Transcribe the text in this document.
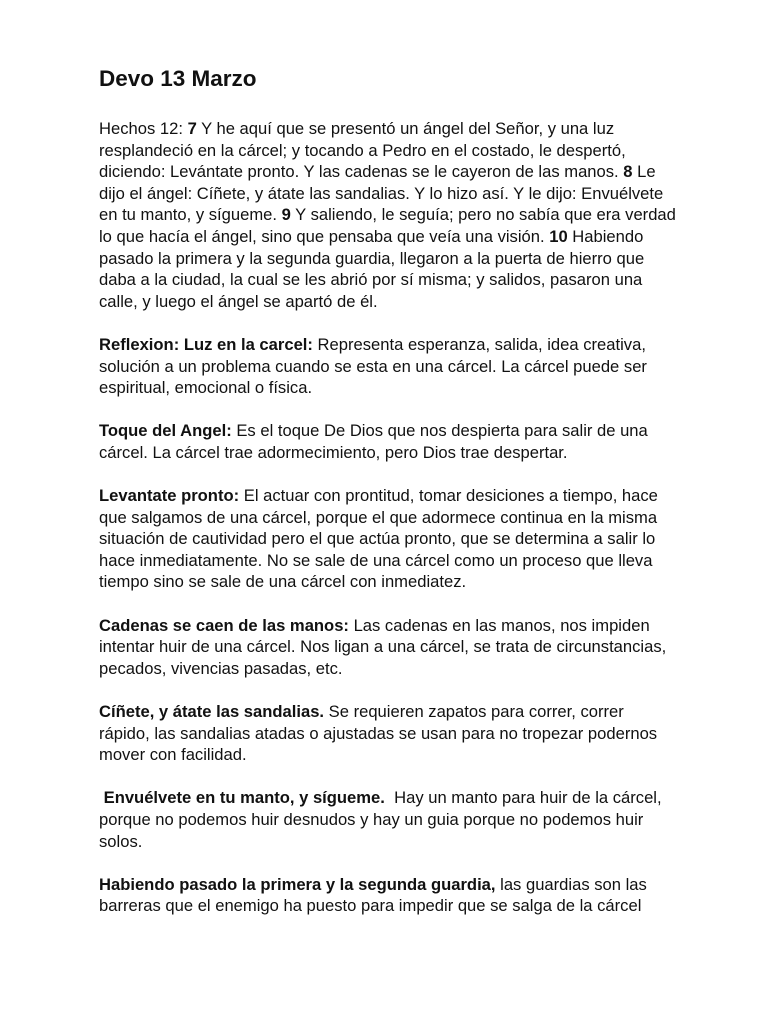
Devo 13 Marzo

Hechos 12: 7 Y he aquí que se presentó un ángel del Señor, y una luz resplandeció en la cárcel; y tocando a Pedro en el costado, le despertó, diciendo: Levántate pronto. Y las cadenas se le cayeron de las manos. 8 Le dijo el ángel: Cíñete, y átate las sandalias. Y lo hizo así. Y le dijo: Envuélvete en tu manto, y sígueme. 9 Y saliendo, le seguía; pero no sabía que era verdad lo que hacía el ángel, sino que pensaba que veía una visión. 10 Habiendo pasado la primera y la segunda guardia, llegaron a la puerta de hierro que daba a la ciudad, la cual se les abrió por sí misma; y salidos, pasaron una calle, y luego el ángel se apartó de él.

Reflexion: Luz en la carcel: Representa esperanza, salida, idea creativa, solución a un problema cuando se esta en una cárcel. La cárcel puede ser espiritual, emocional o física.

Toque del Angel: Es el toque De Dios que nos despierta para salir de una cárcel. La cárcel trae adormecimiento, pero Dios trae despertar.

Levantate pronto: El actuar con prontitud, tomar desiciones a tiempo, hace que salgamos de una cárcel, porque el que adormece continua en la misma situación de cautividad pero el que actúa pronto, que se determina a salir lo hace inmediatamente. No se sale de una cárcel como un proceso que lleva tiempo sino se sale de una cárcel con inmediatez.

Cadenas se caen de las manos: Las cadenas en las manos, nos impiden intentar huir de una cárcel. Nos ligan a una cárcel, se trata de circunstancias, pecados, vivencias pasadas, etc.

Cíñete, y átate las sandalias. Se requieren zapatos para correr, correr rápido, las sandalias atadas o ajustadas se usan para no tropezar podernos mover con facilidad.

Envuélvete en tu manto, y sígueme.  Hay un manto para huir de la cárcel, porque no podemos huir desnudos y hay un guia porque no podemos huir solos.

Habiendo pasado la primera y la segunda guardia, las guardias son las barreras que el enemigo ha puesto para impedir que se salga de la cárcel
